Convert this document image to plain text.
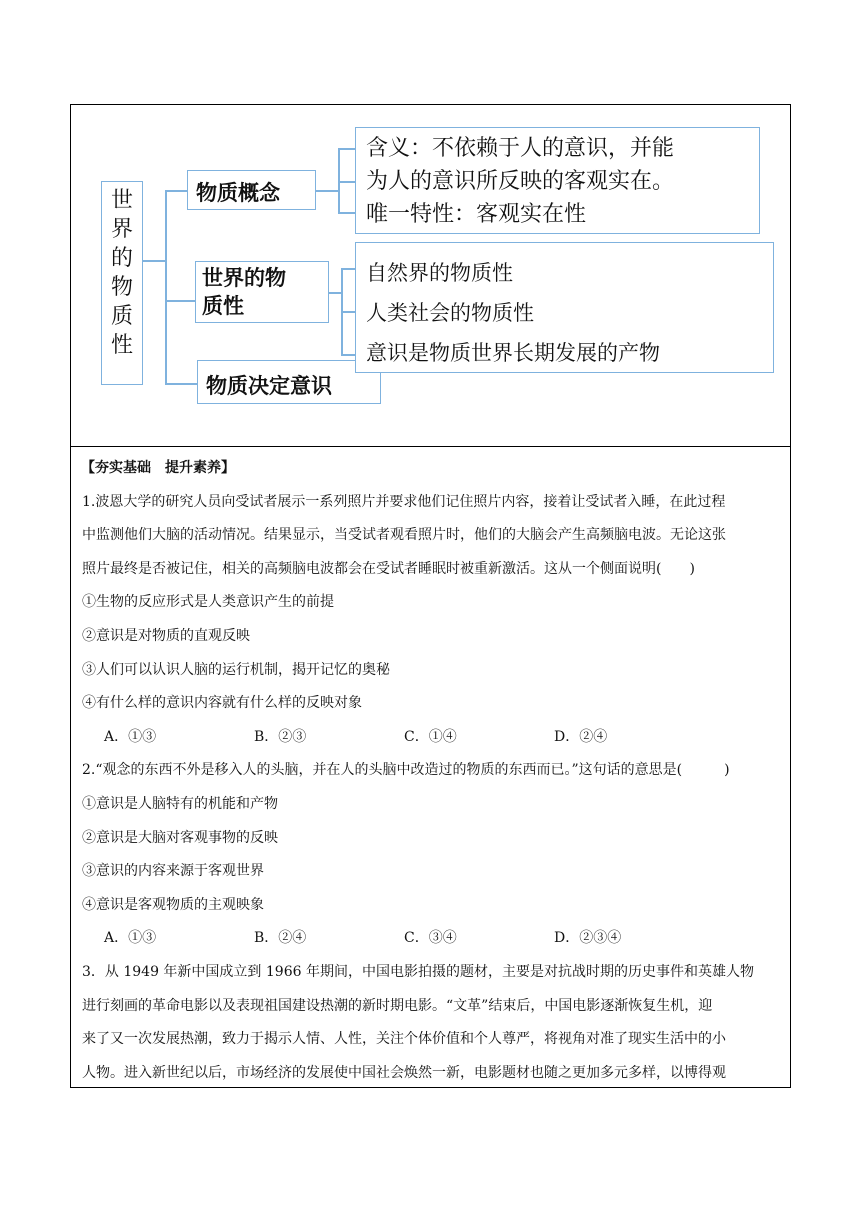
世
界
的
物
质
性
物质概念
世界的物
质性
物质决定意识
含义：不依赖于人的意识，并能
为人的意识所反映的客观实在。
唯一特性：客观实在性
自然界的物质性
人类社会的物质性
意识是物质世界长期发展的产物
【夯实基础　提升素养】
1.波恩大学的研究人员向受试者展示一系列照片并要求他们记住照片内容，接着让受试者入睡，在此过程
中监测他们大脑的活动情况。结果显示，当受试者观看照片时，他们的大脑会产生高频脑电波。无论这张
照片最终是否被记住，相关的高频脑电波都会在受试者睡眠时被重新激活。这从一个侧面说明(　　)
①生物的反应形式是人类意识产生的前提
②意识是对物质的直观反映
③人们可以认识人脑的运行机制，揭开记忆的奥秘
④有什么样的意识内容就有什么样的反映对象
A．①③	B．②③	C．①④	D．②④
2.“观念的东西不外是移入人的头脑，并在人的头脑中改造过的物质的东西而已。”这句话的意思是(　　　)
①意识是人脑特有的机能和产物
②意识是大脑对客观事物的反映
③意识的内容来源于客观世界
④意识是客观物质的主观映象
A．①③	B．②④	C．③④	D．②③④
3．从 1949 年新中国成立到 1966 年期间，中国电影拍摄的题材，主要是对抗战时期的历史事件和英雄人物
进行刻画的革命电影以及表现祖国建设热潮的新时期电影。“文革”结束后，中国电影逐渐恢复生机，迎
来了又一次发展热潮，致力于揭示人情、人性，关注个体价值和个人尊严，将视角对准了现实生活中的小
人物。进入新世纪以后，市场经济的发展使中国社会焕然一新，电影题材也随之更加多元多样，以博得观
